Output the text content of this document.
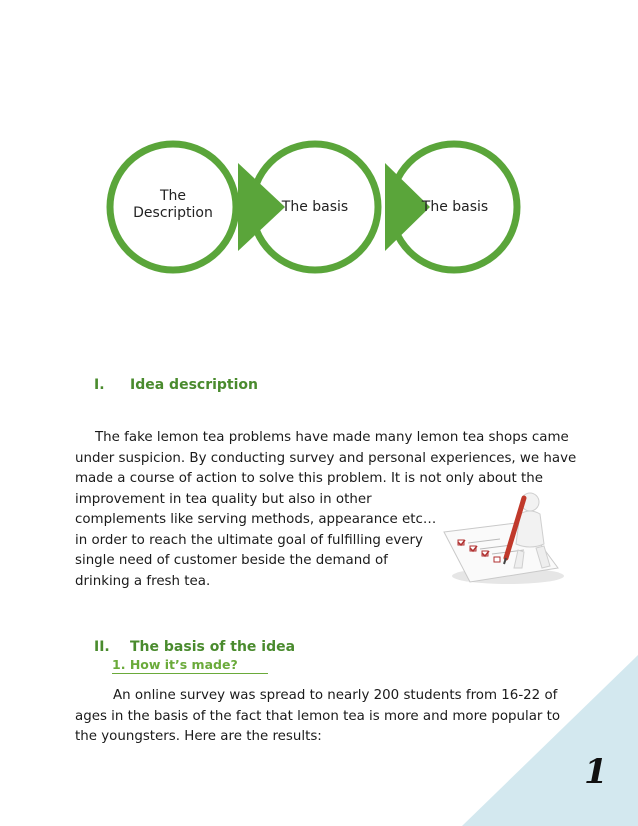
The
Description	The basis	The basis
I. Idea description
The fake lemon tea problems have made many lemon tea shops came
under suspicion. By conducting survey and personal experiences, we have
made a course of action to solve this problem. It is not only about the
improvement in tea quality but also in other
complements like serving methods, appearance etc…
in order to reach the ultimate goal of fulfilling every
single need of customer beside the demand of
drinking a fresh tea.
II. The basis of the idea
1. How it’s made?
An online survey was spread to nearly 200 students from 16-22 of
ages in the basis of the fact that lemon tea is more and more popular to
the youngsters. Here are the results:
1
